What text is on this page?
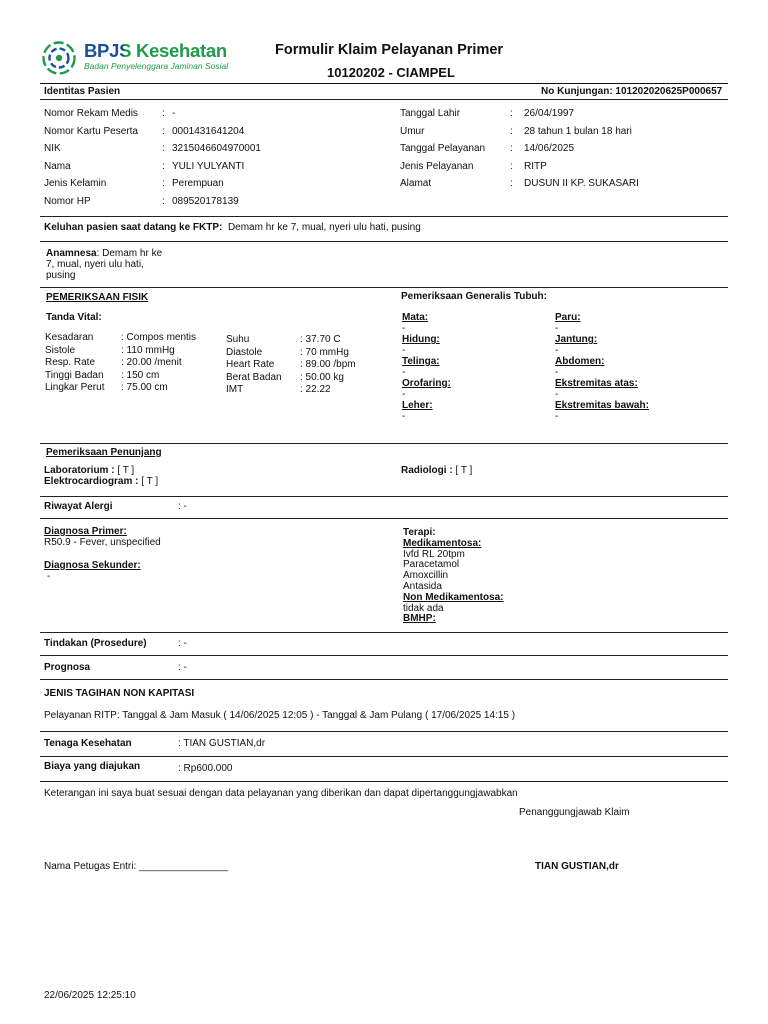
BPJS Kesehatan
Badan Penyelenggara Jaminan Sosial
Formulir Klaim Pelayanan Primer
10120202 - CIAMPEL
Identitas Pasien	No Kunjungan: 101202020625P000657
Nomor Rekam Medis	: -
Nomor Kartu Peserta	: 0001431641204
NIK	: 3215046604970001
Nama	: YULI YULYANTI
Jenis Kelamin	: Perempuan
Nomor HP	: 089520178139
Tanggal Lahir	:	26/04/1997
Umur	:	28 tahun 1 bulan 18 hari
Tanggal Pelayanan	:	14/06/2025
Jenis Pelayanan	:	RITP
Alamat	:	DUSUN II KP. SUKASARI
Keluhan pasien saat datang ke FKTP: Demam hr ke 7, mual, nyeri ulu hati, pusing
Anamnesa: Demam hr ke
7, mual, nyeri ulu hati,
pusing
PEMERIKSAAN FISIK	Pemeriksaan Generalis Tubuh:
Tanda Vital:
Kesadaran	: Compos mentis
Sistole	: 110 mmHg
Resp. Rate	: 20.00 /menit
Tinggi Badan	: 150 cm
Lingkar Perut	: 75.00 cm
Suhu	: 37.70 C
Diastole	: 70 mmHg
Heart Rate	: 89.00 /bpm
Berat Badan	: 50.00 kg
IMT	: 22.22
Mata:
-
Hidung:
-
Telinga:
-
Orofaring:
-
Leher:
-
Paru:
-
Jantung:
-
Abdomen:
-
Ekstremitas atas:
-
Ekstremitas bawah:
-
Pemeriksaan Penunjang
Laboratorium : [ T ]
Elektrocardiogram : [ T ]
Radiologi : [ T ]
Riwayat Alergi	: -
Diagnosa Primer:
R50.9 - Fever, unspecified
Diagnosa Sekunder:
-
Terapi:
Medikamentosa:
Ivfd RL 20tpm
Paracetamol
Amoxcillin
Antasida
Non Medikamentosa:
tidak ada
BMHP:
Tindakan (Prosedure)	: -
Prognosa	: -
JENIS TAGIHAN NON KAPITASI
Pelayanan RITP: Tanggal & Jam Masuk ( 14/06/2025 12:05 ) - Tanggal & Jam Pulang ( 17/06/2025 14:15 )
Tenaga Kesehatan	: TIAN GUSTIAN,dr
Biaya yang diajukan	: Rp600.000
Keterangan ini saya buat sesuai dengan data pelayanan yang diberikan dan dapat dipertanggungjawabkan
Penanggungjawab Klaim
Nama Petugas Entri: ________________	TIAN GUSTIAN,dr
22/06/2025 12:25:10
